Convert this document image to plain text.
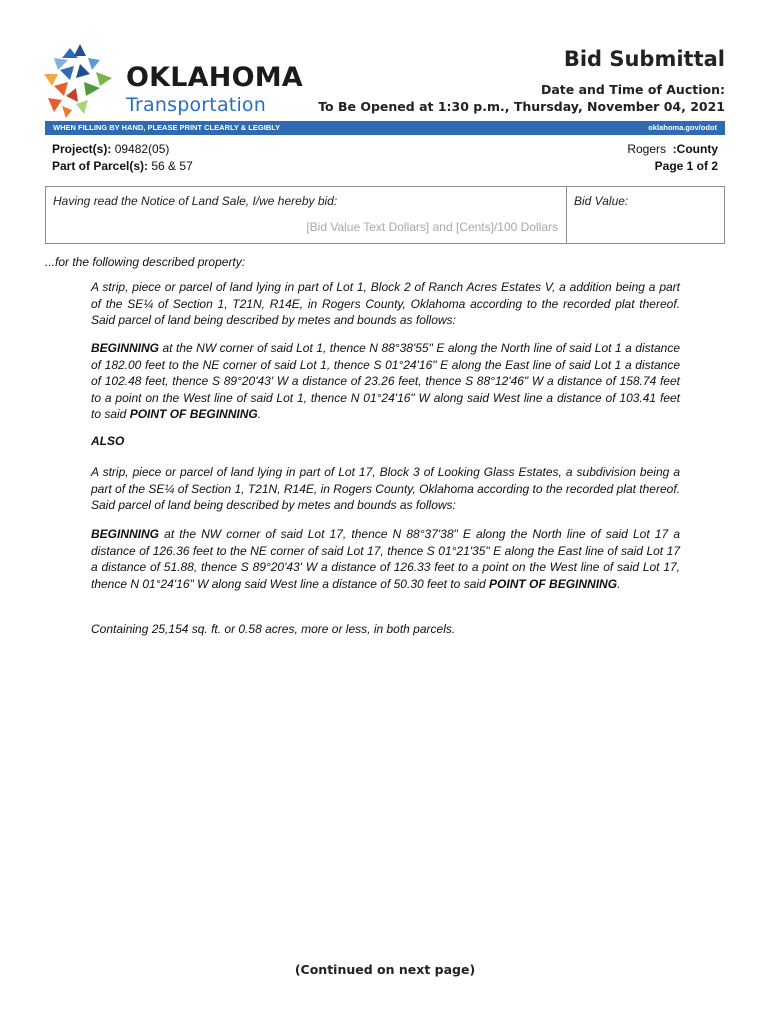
OKLAHOMA
Transportation
Bid Submittal
Date and Time of Auction:
To Be Opened at 1:30 p.m., Thursday, November 04, 2021
WHEN FILLING BY HAND, PLEASE PRINT CLEARLY & LEGIBLY	oklahoma.gov/odot
Project(s): 09482(05)
Part of Parcel(s): 56 & 57
Rogers :County
Page 1 of 2
Having read the Notice of Land Sale, I/we hereby bid:
[Bid Value Text Dollars] and [Cents]/100 Dollars
Bid Value:
...for the following described property:
A strip, piece or parcel of land lying in part of Lot 1, Block 2 of Ranch Acres Estates V, a addition being a part of the SE¼ of Section 1, T21N, R14E, in Rogers County, Oklahoma according to the recorded plat thereof. Said parcel of land being described by metes and bounds as follows:
BEGINNING at the NW corner of said Lot 1, thence N 88°38'55" E along the North line of said Lot 1 a distance of 182.00 feet to the NE corner of said Lot 1, thence S 01°24'16" E along the East line of said Lot 1 a distance of 102.48 feet, thence S 89°20'43' W a distance of 23.26 feet, thence S 88°12'46" W a distance of 158.74 feet to a point on the West line of said Lot 1, thence N 01°24'16" W along said West line a distance of 103.41 feet to said POINT OF BEGINNING.
ALSO
A strip, piece or parcel of land lying in part of Lot 17, Block 3 of Looking Glass Estates, a subdivision being a part of the SE¼ of Section 1, T21N, R14E, in Rogers County, Oklahoma according to the recorded plat thereof. Said parcel of land being described by metes and bounds as follows:
BEGINNING at the NW corner of said Lot 17, thence N 88°37'38" E along the North line of said Lot 17 a distance of 126.36 feet to the NE corner of said Lot 17, thence S 01°21'35" E along the East line of said Lot 17 a distance of 51.88, thence S 89°20'43' W a distance of 126.33 feet to a point on the West line of said Lot 17, thence N 01°24'16" W along said West line a distance of 50.30 feet to said POINT OF BEGINNING.
Containing 25,154 sq. ft. or 0.58 acres, more or less, in both parcels.
(Continued on next page)
